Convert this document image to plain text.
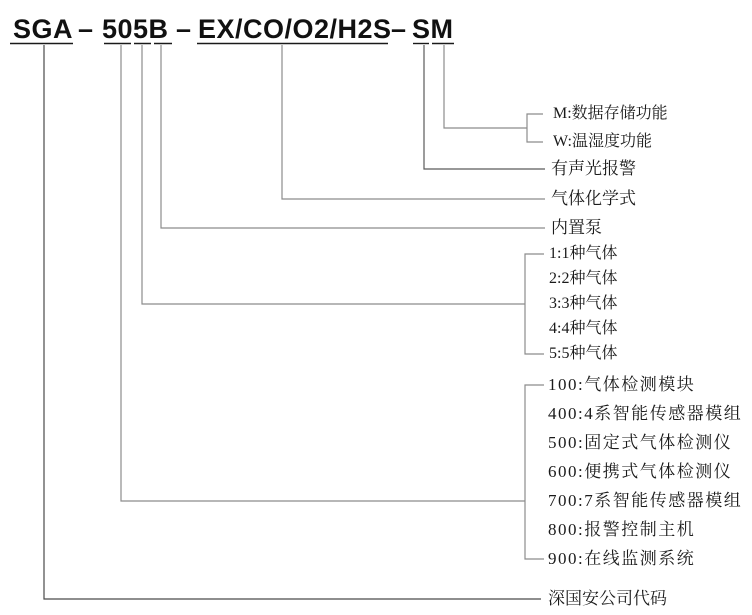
SGA – 505B – EX/CO/O2/H2S – SM
M:数据存储功能
W:温湿度功能
有声光报警
气体化学式
内置泵
1:1种气体
2:2种气体
3:3种气体
4:4种气体
5:5种气体
100:气体检测模块
400:4系智能传感器模组
500:固定式气体检测仪
600:便携式气体检测仪
700:7系智能传感器模组
800:报警控制主机
900:在线监测系统
深国安公司代码
